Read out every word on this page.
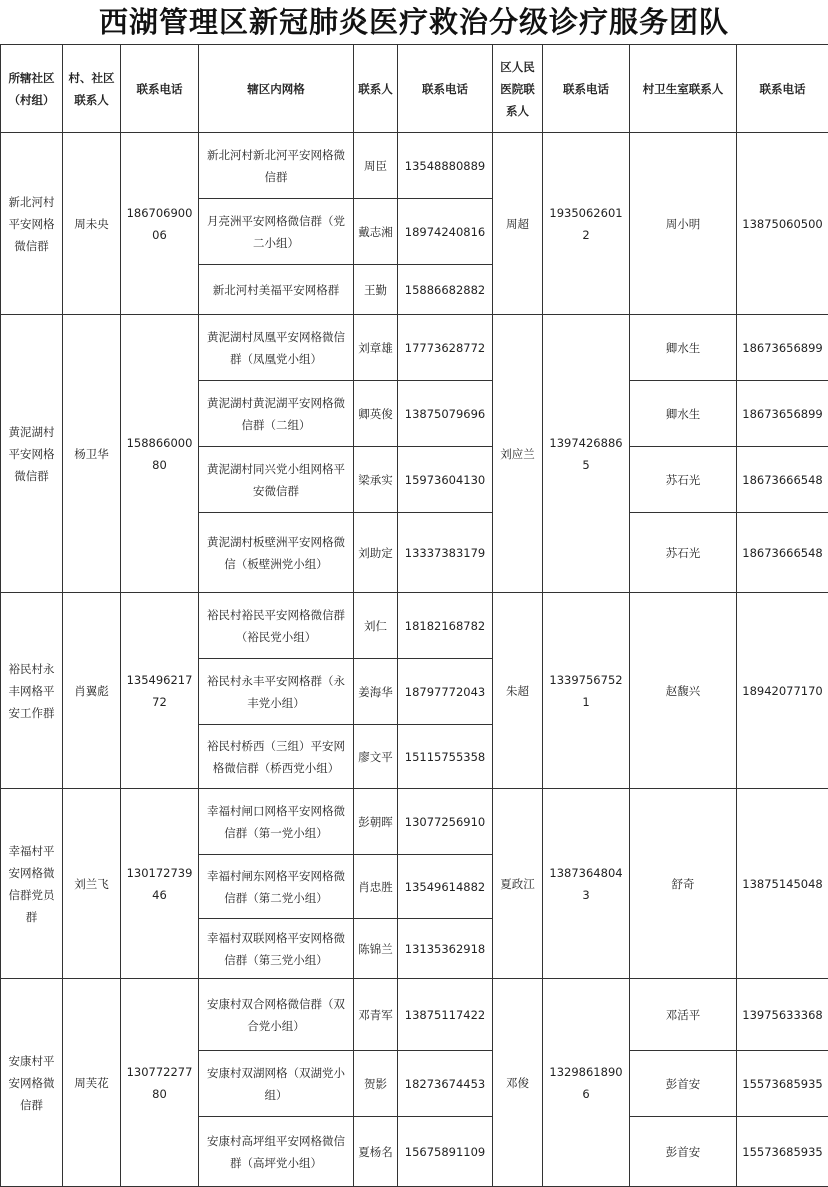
西湖管理区新冠肺炎医疗救治分级诊疗服务团队
所辖社区（村组）	村、社区联系人	联系电话	辖区内网格	联系人	联系电话	区人民医院联系人	联系电话	村卫生室联系人	联系电话
新北河村平安网格微信群	周未央	18670690006	新北河村新北河平安网格微信群	周臣	13548880889	周超	19350626012	周小明	13875060500
			月亮洲平安网格微信群（党二小组）	戴志湘	18974240816				
			新北河村美福平安网格群	王勤	15886682882				
黄泥湖村平安网格微信群	杨卫华	15886600080	黄泥湖村凤凰平安网格微信群（凤凰党小组）	刘章雄	17773628772	刘应兰	13974268865	卿水生	18673656899
			黄泥湖村黄泥湖平安网格微信群（二组）	卿英俊	13875079696			卿水生	18673656899
			黄泥湖村同兴党小组网格平安微信群	梁承实	15973604130			苏石光	18673666548
			黄泥湖村板壁洲平安网格微信（板壁洲党小组）	刘助定	13337383179			苏石光	18673666548
裕民村永丰网格平安工作群	肖翼彪	13549621772	裕民村裕民平安网格微信群（裕民党小组）	刘仁	18182168782	朱超	13397567521	赵馥兴	18942077170
			裕民村永丰平安网格群（永丰党小组）	姜海华	18797772043				
			裕民村桥西（三组）平安网格微信群（桥西党小组）	廖文平	15115755358				
幸福村平安网格微信群党员群	刘兰飞	13017273946	幸福村闸口网格平安网格微信群（第一党小组）	彭朝晖	13077256910	夏政江	13873648043	舒奇	13875145048
			幸福村闸东网格平安网格微信群（第二党小组）	肖忠胜	13549614882				
			幸福村双联网格平安网格微信群（第三党小组）	陈锦兰	13135362918				
安康村平安网格微信群	周芙花	13077227780	安康村双合网格微信群（双合党小组）	邓青军	13875117422	邓俊	13298618906	邓活平	13975633368
			安康村双湖网格（双湖党小组）	贺影	18273674453			彭首安	15573685935
			安康村高坪组平安网格微信群（高坪党小组）	夏杨名	15675891109			彭首安	15573685935
